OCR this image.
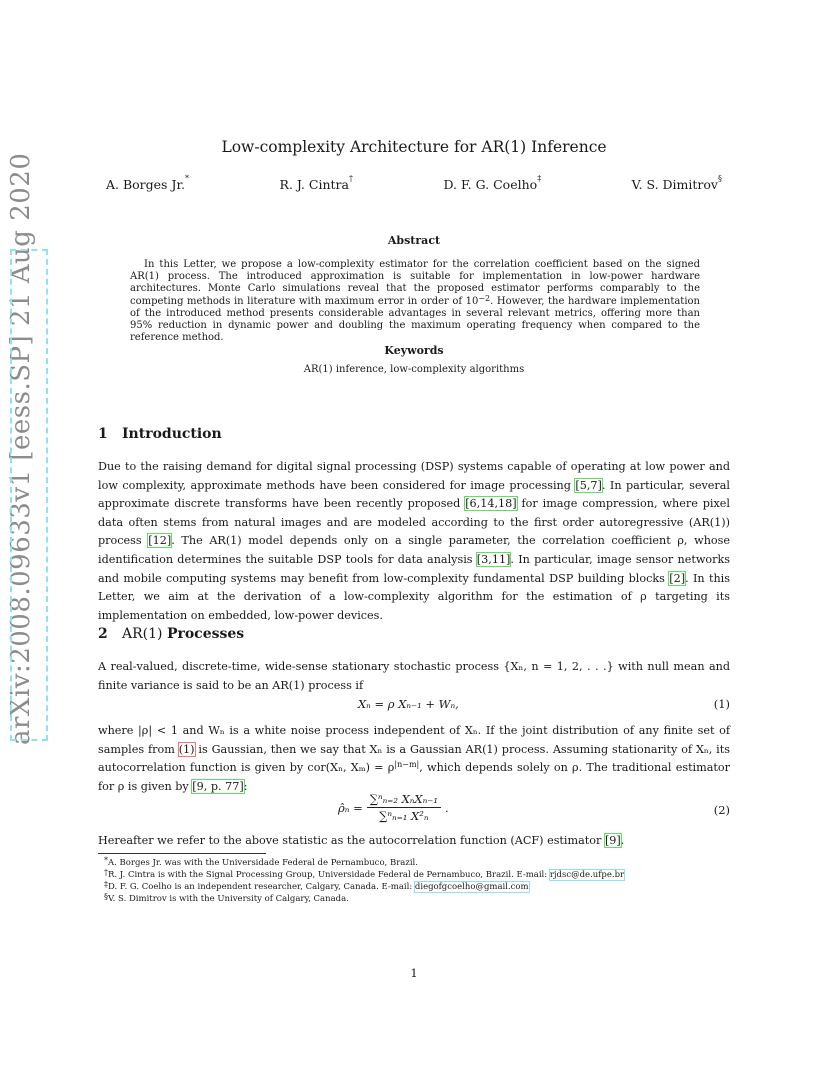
arXiv:2008.09633v1 [eess.SP] 21 Aug 2020
Low-complexity Architecture for AR(1) Inference
A. Borges Jr.*	R. J. Cintra†	D. F. G. Coelho‡	V. S. Dimitrov§
Abstract
In this Letter, we propose a low-complexity estimator for the correlation coefficient based on the signed AR(1) process. The introduced approximation is suitable for implementation in low-power hardware architectures. Monte Carlo simulations reveal that the proposed estimator performs comparably to the competing methods in literature with maximum error in order of $10^{-2}$. However, the hardware implementation of the introduced method presents considerable advantages in several relevant metrics, offering more than 95% reduction in dynamic power and doubling the maximum operating frequency when compared to the reference method.
Keywords
AR(1) inference, low-complexity algorithms
1 Introduction
Due to the raising demand for digital signal processing (DSP) systems capable of operating at low power and low complexity, approximate methods have been considered for image processing [5,7]. In particular, several approximate discrete transforms have been recently proposed [6,14,18] for image compression, where pixel data often stems from natural images and are modeled according to the first order autoregressive (AR(1)) process [12]. The AR(1) model depends only on a single parameter, the correlation coefficient ρ, whose identification determines the suitable DSP tools for data analysis [3,11]. In particular, image sensor networks and mobile computing systems may benefit from low-complexity fundamental DSP building blocks [2]. In this Letter, we aim at the derivation of a low-complexity algorithm for the estimation of ρ targeting its implementation on embedded, low-power devices.
2 AR(1) Processes
A real-valued, discrete-time, wide-sense stationary stochastic process {Xₙ, n = 1, 2, . . .} with null mean and finite variance is said to be an AR(1) process if
Xₙ = ρ Xₙ₋₁ + Wₙ,	(1)
where |ρ| < 1 and Wₙ is a white noise process independent of Xₙ. If the joint distribution of any finite set of samples from (1) is Gaussian, then we say that Xₙ is a Gaussian AR(1) process. Assuming stationarity of Xₙ, its autocorrelation function is given by cor(Xₙ, $X_m) = \rho^{|n-m|}$, which depends solely on ρ. The traditional estimator for ρ is given by [9, p. 77]:
ρ̂ₙ = $\frac{\text{∑ⁿₙ₌₂ XₙXₙ₋₁}}{\text{∑ⁿₙ₌₁ X²ₙ}}$ .	(2)
Hereafter we refer to the above statistic as the autocorrelation function (ACF) estimator [9].
*A. Borges Jr. was with the Universidade Federal de Pernambuco, Brazil.
†R. J. Cintra is with the Signal Processing Group, Universidade Federal de Pernambuco, Brazil. E-mail: rjdsc@de.ufpe.br
‡D. F. G. Coelho is an independent researcher, Calgary, Canada. E-mail: diegofgcoelho@gmail.com
§V. S. Dimitrov is with the University of Calgary, Canada.
1
